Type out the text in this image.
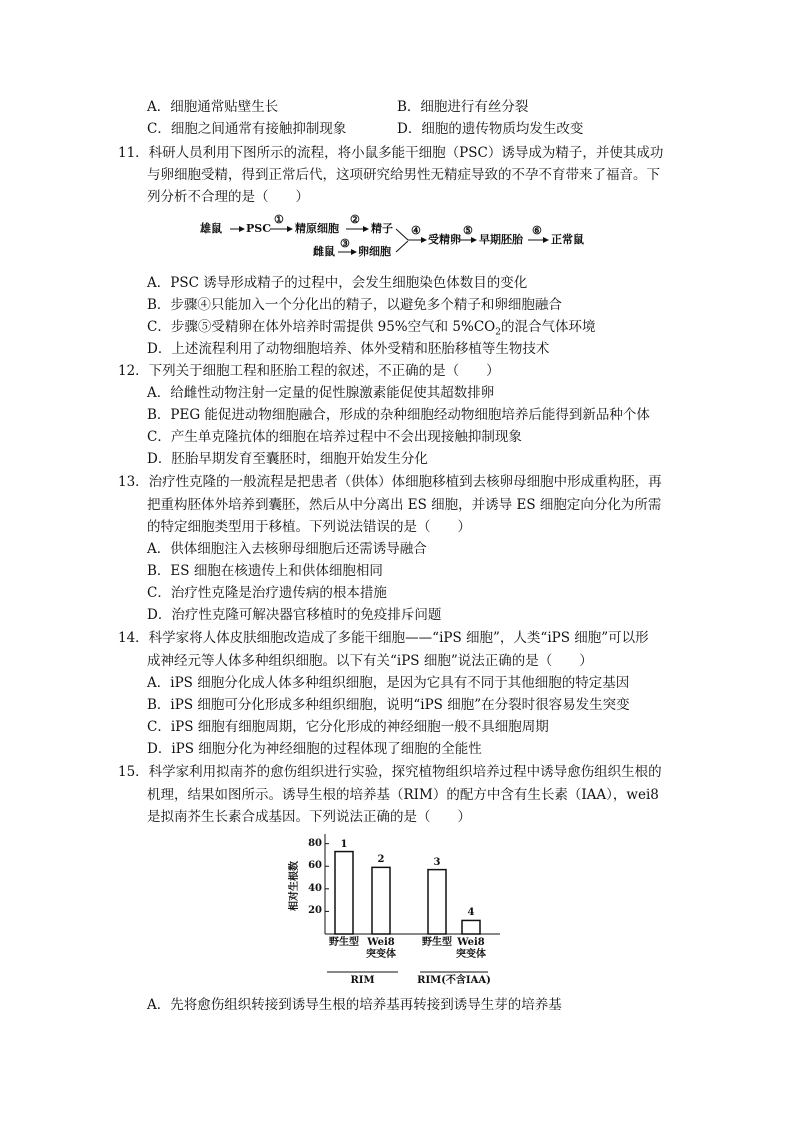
A．细胞通常贴壁生长	B．细胞进行有丝分裂
C．细胞之间通常有接触抑制现象	D．细胞的遗传物质均发生改变
11．科研人员利用下图所示的流程，将小鼠多能干细胞（PSC）诱导成为精子，并使其成功
与卵细胞受精，得到正常后代，这项研究给男性无精症导致的不孕不育带来了福音。下
列分析不合理的是（　　）
雄鼠 PSC
①
精原细胞
②
精子
雌鼠
③
卵细胞
④
受精卵
⑤
早期胚胎
⑥
正常鼠
A．PSC 诱导形成精子的过程中，会发生细胞染色体数目的变化
B．步骤④只能加入一个分化出的精子，以避免多个精子和卵细胞融合
C．步骤⑤受精卵在体外培养时需提供 95%空气和 $5\%CO_2$的混合气体环境
D．上述流程利用了动物细胞培养、体外受精和胚胎移植等生物技术
12．下列关于细胞工程和胚胎工程的叙述，不正确的是（　　）
A．给雌性动物注射一定量的促性腺激素能促使其超数排卵
B．PEG 能促进动物细胞融合，形成的杂种细胞经动物细胞培养后能得到新品种个体
C．产生单克隆抗体的细胞在培养过程中不会出现接触抑制现象
D．胚胎早期发育至囊胚时，细胞开始发生分化
13．治疗性克隆的一般流程是把患者（供体）体细胞移植到去核卵母细胞中形成重构胚，再
把重构胚体外培养到囊胚，然后从中分离出 ES 细胞，并诱导 ES 细胞定向分化为所需
的特定细胞类型用于移植。下列说法错误的是（　　）
A．供体细胞注入去核卵母细胞后还需诱导融合
B．ES 细胞在核遗传上和供体细胞相同
C．治疗性克隆是治疗遗传病的根本措施
D．治疗性克隆可解决器官移植时的免疫排斥问题
14．科学家将人体皮肤细胞改造成了多能干细胞——“iPS 细胞”，人类“iPS 细胞”可以形
成神经元等人体多种组织细胞。以下有关“iPS 细胞”说法正确的是（　　）
A．iPS 细胞分化成人体多种组织细胞，是因为它具有不同于其他细胞的特定基因
B．iPS 细胞可分化形成多种组织细胞，说明“iPS 细胞”在分裂时很容易发生突变
C．iPS 细胞有细胞周期，它分化形成的神经细胞一般不具细胞周期
D．iPS 细胞分化为神经细胞的过程体现了细胞的全能性
15．科学家利用拟南芥的愈伤组织进行实验，探究植物组织培养过程中诱导愈伤组织生根的
机理，结果如图所示。诱导生根的培养基（RIM）的配方中含有生长素（IAA），wei8
是拟南芥生长素合成基因。下列说法正确的是（　　）
相对生根数 20
40
60
80 1
野生型
2
Wei8
突变体
3
野生型
4
Wei8
突变体
RIM	RIM(不含IAA)
A．先将愈伤组织转接到诱导生根的培养基再转接到诱导生芽的培养基
